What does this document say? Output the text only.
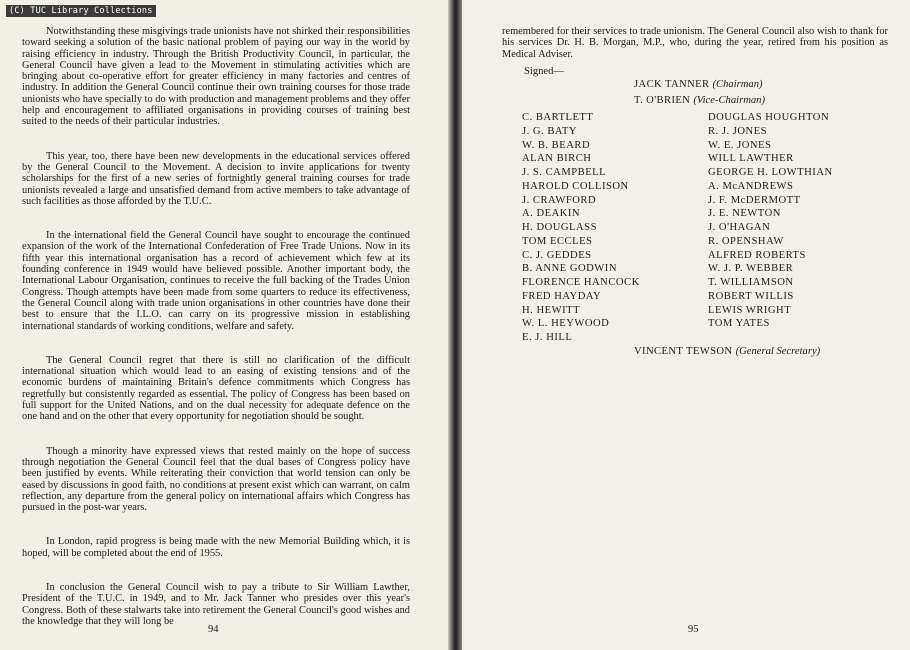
(C) TUC Library Collections

Notwithstanding these misgivings trade unionists have not shirked their responsibilities toward seeking a solution of the basic national problem of paying our way in the world by raising efficiency in industry. Through the British Productivity Council, in particular, the General Council have given a lead to the Movement in stimulating activities which are bringing about co-operative effort for greater efficiency in many factories and centres of industry. In addition the General Council continue their own training courses for those trade unionists who have specially to do with production and management problems and they offer help and encouragement to affiliated organisations in providing courses of training best suited to the needs of their particular industries.

This year, too, there have been new developments in the educational services offered by the General Council to the Movement. A decision to invite applications for twenty scholarships for the first of a new series of fortnightly general training courses for trade unionists revealed a large and unsatisfied demand from active members to take advantage of such facilities as those afforded by the T.U.C.

In the international field the General Council have sought to encourage the continued expansion of the work of the International Confederation of Free Trade Unions. Now in its fifth year this international organisation has a record of achievement which few at its founding conference in 1949 would have believed possible. Another important body, the International Labour Organisation, continues to receive the full backing of the Trades Union Congress. Though attempts have been made from some quarters to reduce its effectiveness, the General Council along with trade union organisations in other countries have done their best to ensure that the I.L.O. can carry on its progressive mission in establishing international standards of working conditions, welfare and safety.

The General Council regret that there is still no clarification of the difficult international situation which would lead to an easing of existing tensions and of the economic burdens of maintaining Britain's defence commitments which Congress has regretfully but consistently regarded as essential. The policy of Congress has been based on full support for the United Nations, and on the dual necessity for adequate defence on the one hand and on the other that every opportunity for negotiation should be sought.

Though a minority have expressed views that rested mainly on the hope of success through negotiation the General Council feel that the dual bases of Congress policy have been justified by events. While reiterating their conviction that world tension can only be eased by discussions in good faith, no conditions at present exist which can warrant, on calm reflection, any departure from the general policy on international affairs which Congress has pursued in the post-war years.

In London, rapid progress is being made with the new Memorial Building which, it is hoped, will be completed about the end of 1955.

In conclusion the General Council wish to pay a tribute to Sir William Lawther, President of the T.U.C. in 1949, and to Mr. Jack Tanner who presides over this year's Congress. Both of these stalwarts take into retirement the General Council's good wishes and the knowledge that they will long be

94

remembered for their services to trade unionism. The General Council also wish to thank for his services Dr. H. B. Morgan, M.P., who, during the year, retired from his position as Medical Adviser.

Signed—
JACK TANNER (Chairman)
T. O'BRIEN (Vice-Chairman)
C. BARTLETT
J. G. BATY
W. B. BEARD
ALAN BIRCH
J. S. CAMPBELL
HAROLD COLLISON
J. CRAWFORD
A. DEAKIN
H. DOUGLASS
TOM ECCLES
C. J. GEDDES
B. ANNE GODWIN
FLORENCE HANCOCK
FRED HAYDAY
H. HEWITT
W. L. HEYWOOD
E. J. HILL
DOUGLAS HOUGHTON
R. J. JONES
W. E. JONES
WILL LAWTHER
GEORGE H. LOWTHIAN
A. McANDREWS
J. F. McDERMOTT
J. E. NEWTON
J. O'HAGAN
R. OPENSHAW
ALFRED ROBERTS
W. J. P. WEBBER
T. WILLIAMSON
ROBERT WILLIS
LEWIS WRIGHT
TOM YATES
VINCENT TEWSON (General Secretary)
95
